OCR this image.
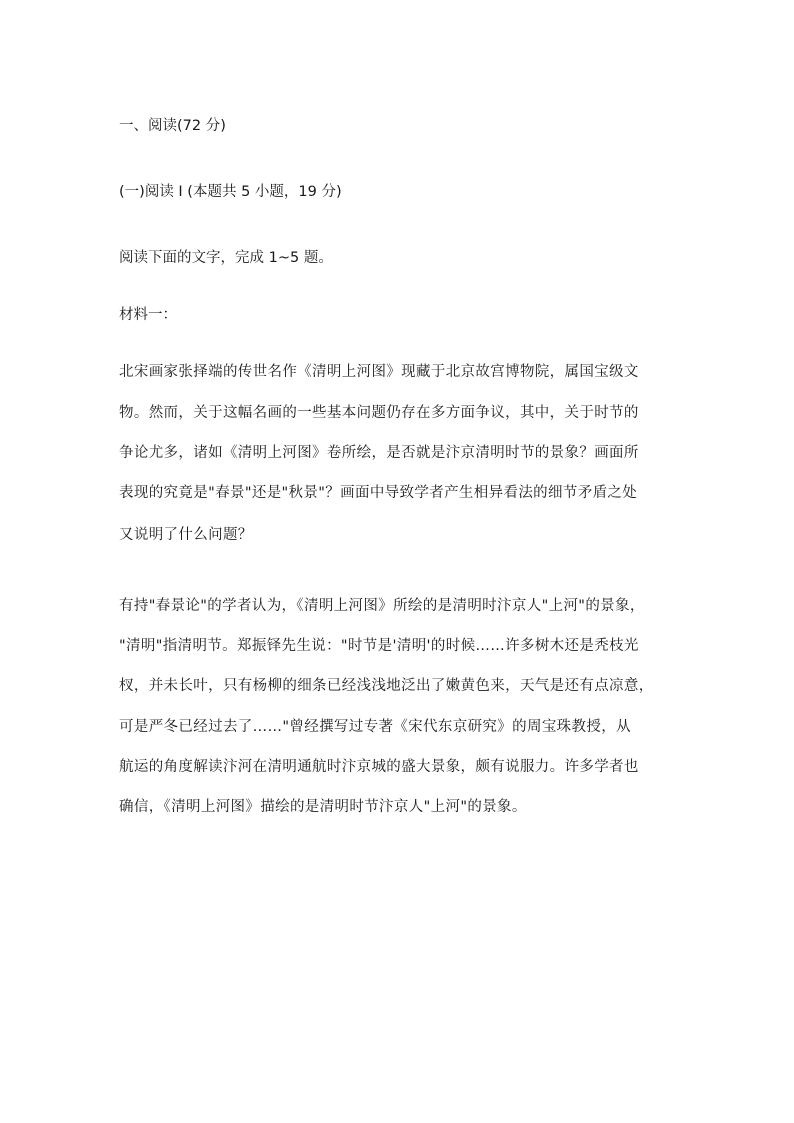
一、阅读(72 分)
(一)阅读 I (本题共 5 小题，19 分)
阅读下面的文字，完成 1~5 题。
材料一：
北宋画家张择端的传世名作《清明上河图》现藏于北京故宫博物院，属国宝级文
物。然而，关于这幅名画的一些基本问题仍存在多方面争议，其中，关于时节的
争论尤多，诸如《清明上河图》卷所绘，是否就是汴京清明时节的景象？画面所
表现的究竟是"春景"还是"秋景"？画面中导致学者产生相异看法的细节矛盾之处
又说明了什么问题？
有持"春景论"的学者认为，《清明上河图》所绘的是清明时汴京人"上河"的景象，
"清明"指清明节。郑振铎先生说："时节是'清明'的时候……许多树木还是秃枝光
杈，并未长叶，只有杨柳的细条已经浅浅地泛出了嫩黄色来，天气是还有点凉意，
可是严冬已经过去了……"曾经撰写过专著《宋代东京研究》的周宝珠教授，从
航运的角度解读汴河在清明通航时汴京城的盛大景象，颇有说服力。许多学者也
确信，《清明上河图》描绘的是清明时节汴京人"上河"的景象。
